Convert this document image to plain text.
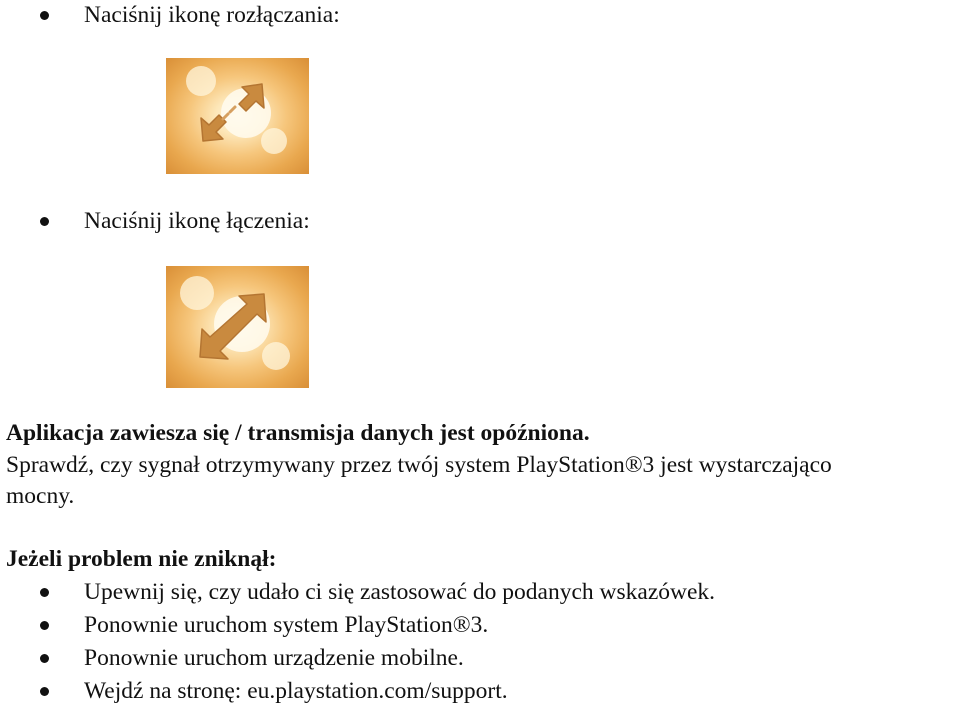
Naciśnij ikonę rozłączania:
Naciśnij ikonę łączenia:
Aplikacja zawiesza się / transmisja danych jest opóźniona.
Sprawdź, czy sygnał otrzymywany przez twój system PlayStation®3 jest wystarczająco
mocny.
Jeżeli problem nie zniknął:
Upewnij się, czy udało ci się zastosować do podanych wskazówek.
Ponownie uruchom system PlayStation®3.
Ponownie uruchom urządzenie mobilne.
Wejdź na stronę: eu.playstation.com/support.
